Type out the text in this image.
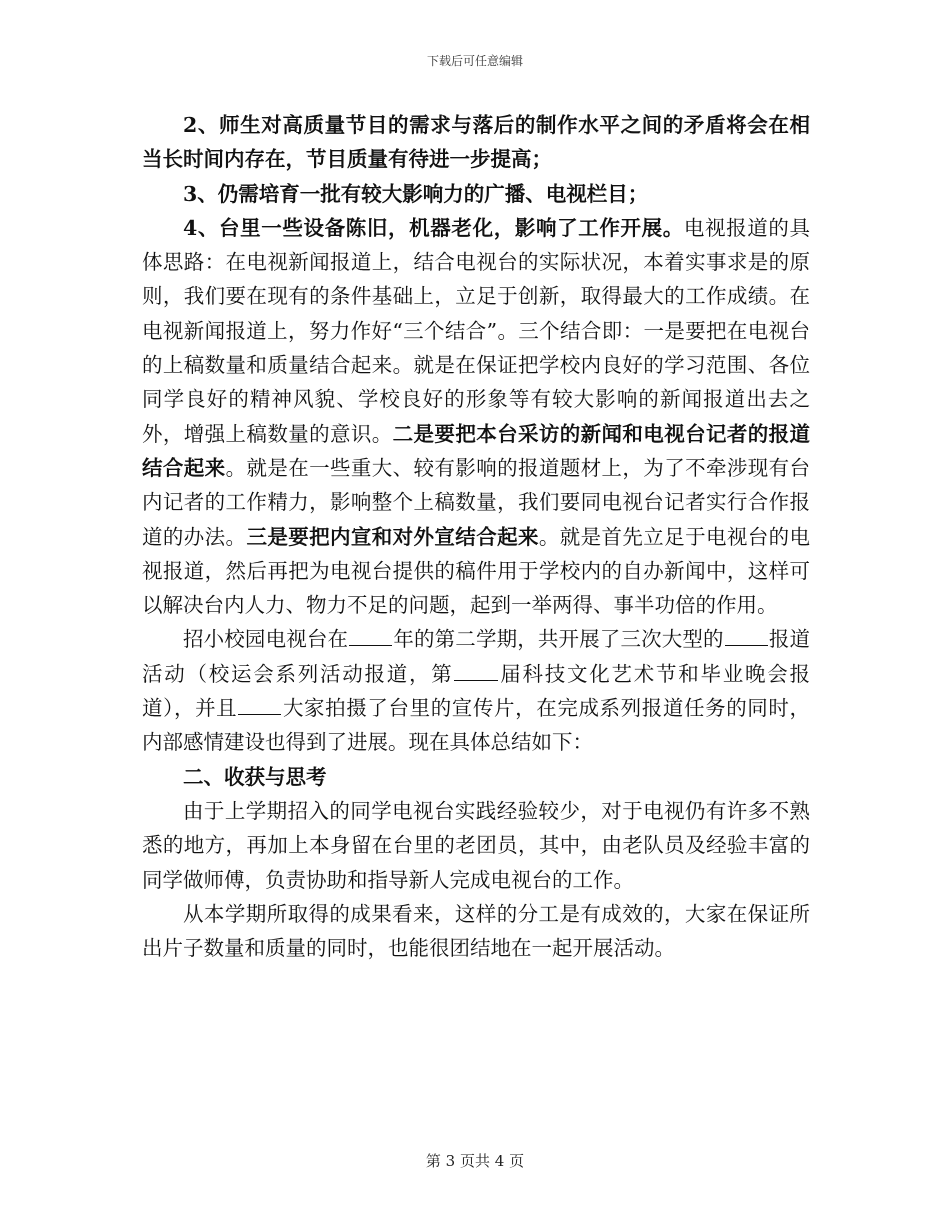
下载后可任意编辑

2、师生对高质量节目的需求与落后的制作水平之间的矛盾将会在相当长时间内存在，节目质量有待进一步提高；

3、仍需培育一批有较大影响力的广播、电视栏目；

4、台里一些设备陈旧，机器老化，影响了工作开展。电视报道的具体思路：在电视新闻报道上，结合电视台的实际状况，本着实事求是的原则，我们要在现有的条件基础上，立足于创新，取得最大的工作成绩。在电视新闻报道上，努力作好“三个结合”。三个结合即：一是要把在电视台的上稿数量和质量结合起来。就是在保证把学校内良好的学习范围、各位同学良好的精神风貌、学校良好的形象等有较大影响的新闻报道出去之外，增强上稿数量的意识。二是要把本台采访的新闻和电视台记者的报道结合起来。就是在一些重大、较有影响的报道题材上，为了不牵涉现有台内记者的工作精力，影响整个上稿数量，我们要同电视台记者实行合作报道的办法。三是要把内宣和对外宣结合起来。就是首先立足于电视台的电视报道，然后再把为电视台提供的稿件用于学校内的自办新闻中，这样可以解决台内人力、物力不足的问题，起到一举两得、事半功倍的作用。

招小校园电视台在 年的第二学期，共开展了三次大型的 报道活动（校运会系列活动报道，第 届科技文化艺术节和毕业晚会报道），并且 大家拍摄了台里的宣传片，在完成系列报道任务的同时，内部感情建设也得到了进展。现在具体总结如下：

二、收获与思考

由于上学期招入的同学电视台实践经验较少，对于电视仍有许多不熟悉的地方，再加上本身留在台里的老团员，其中，由老队员及经验丰富的同学做师傅，负责协助和指导新人完成电视台的工作。

从本学期所取得的成果看来，这样的分工是有成效的，大家在保证所出片子数量和质量的同时，也能很团结地在一起开展活动。

第 3 页共 4 页
